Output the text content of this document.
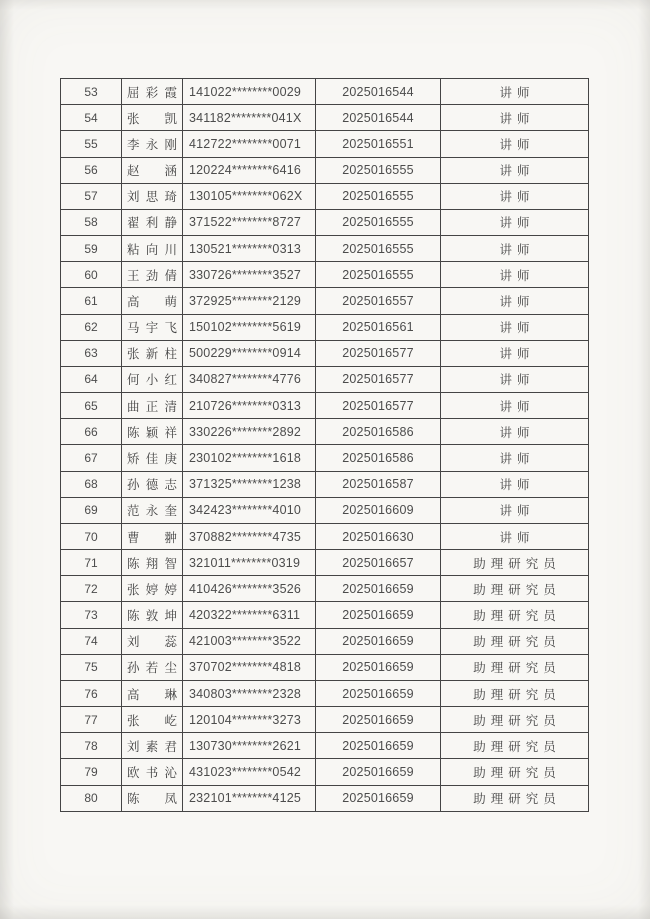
53	屈 彩 霞	141022********0029	2025016544	讲师
54	张 凯	341182********041X	2025016544	讲师
55	李 永 刚	412722********0071	2025016551	讲师
56	赵 涵	120224********6416	2025016555	讲师
57	刘 思 琦	130105********062X	2025016555	讲师
58	翟 利 静	371522********8727	2025016555	讲师
59	粘 向 川	130521********0313	2025016555	讲师
60	王 劲 倩	330726********3527	2025016555	讲师
61	高 萌	372925********2129	2025016557	讲师
62	马 宇 飞	150102********5619	2025016561	讲师
63	张 新 柱	500229********0914	2025016577	讲师
64	何 小 红	340827********4776	2025016577	讲师
65	曲 正 清	210726********0313	2025016577	讲师
66	陈 颖 祥	330226********2892	2025016586	讲师
67	矫 佳 庚	230102********1618	2025016586	讲师
68	孙 德 志	371325********1238	2025016587	讲师
69	范 永 奎	342423********4010	2025016609	讲师
70	曹 翀	370882********4735	2025016630	讲师
71	陈 翔 智	321011********0319	2025016657	助理研究员
72	张 婷 婷	410426********3526	2025016659	助理研究员
73	陈 敦 坤	420322********6311	2025016659	助理研究员
74	刘 蕊	421003********3522	2025016659	助理研究员
75	孙 若 尘	370702********4818	2025016659	助理研究员
76	高 琳	340803********2328	2025016659	助理研究员
77	张 屹	120104********3273	2025016659	助理研究员
78	刘 素 君	130730********2621	2025016659	助理研究员
79	欧 书 沁	431023********0542	2025016659	助理研究员
80	陈 凤	232101********4125	2025016659	助理研究员
